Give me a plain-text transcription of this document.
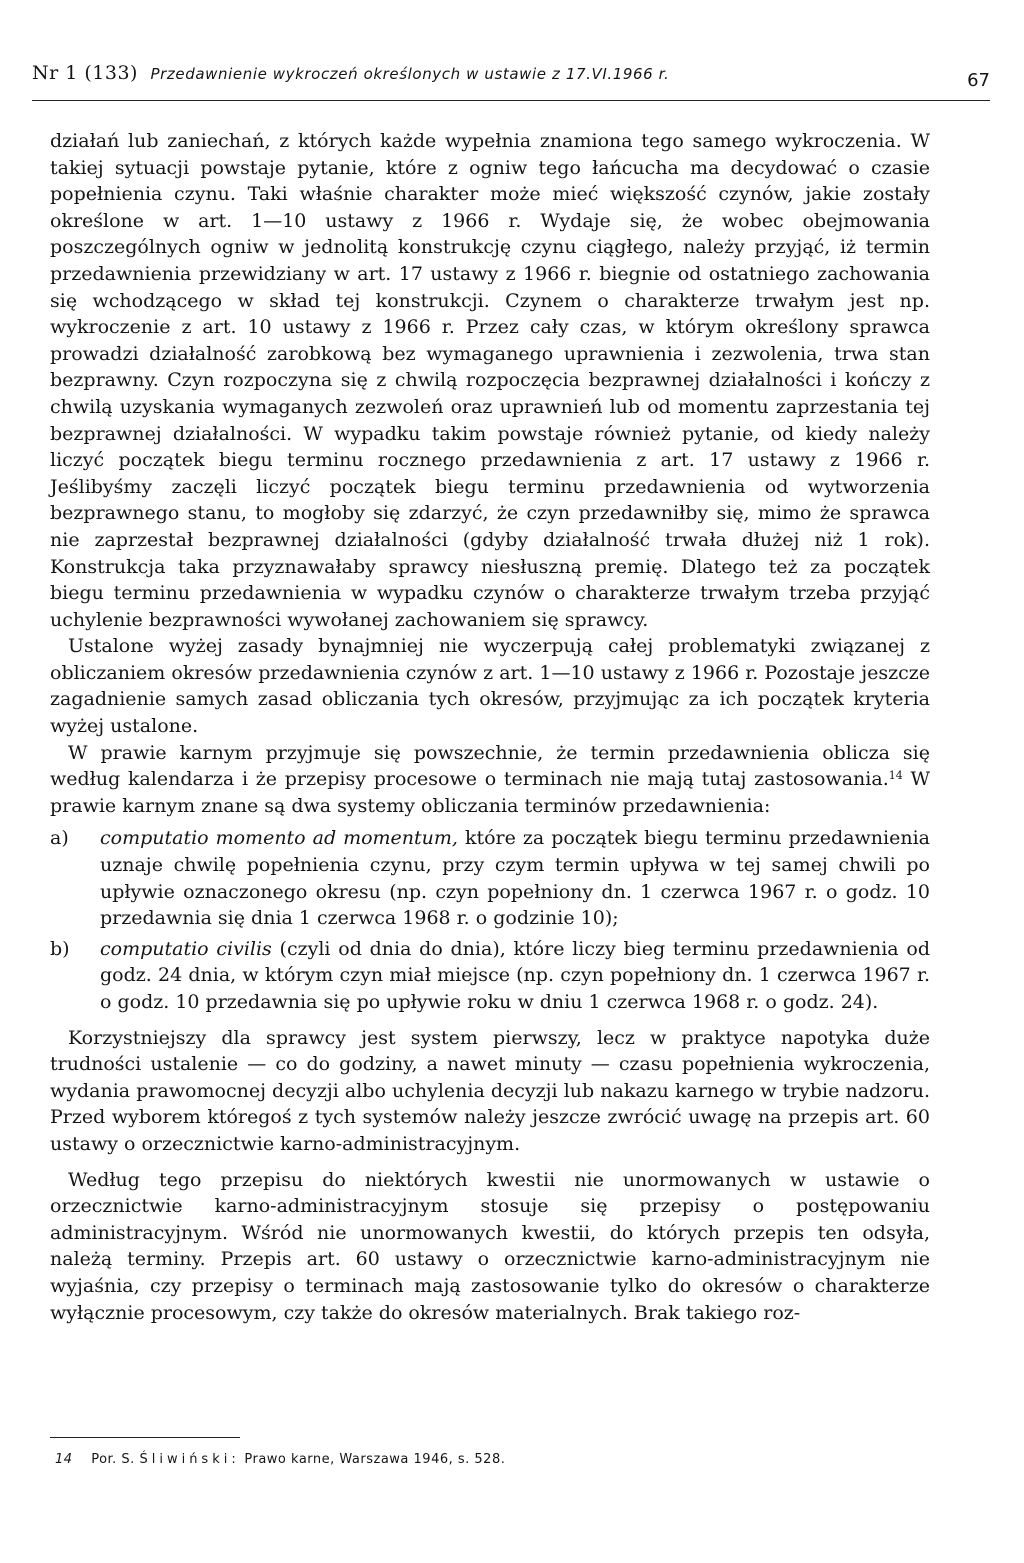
Nr 1 (133) Przedawnienie wykroczeń określonych w ustawie z 17.VI.1966 r.	67

działań lub zaniechań, z których każde wypełnia znamiona tego samego wykroczenia. W takiej sytuacji powstaje pytanie, które z ogniw tego łańcucha ma decydować o czasie popełnienia czynu. Taki właśnie charakter może mieć większość czynów, jakie zostały określone w art. 1—10 ustawy z 1966 r. Wydaje się, że wobec obejmowania poszczególnych ogniw w jednolitą konstrukcję czynu ciągłego, należy przyjąć, iż termin przedawnienia przewidziany w art. 17 ustawy z 1966 r. biegnie od ostatniego zachowania się wchodzącego w skład tej konstrukcji. Czynem o charakterze trwałym jest np. wykroczenie z art. 10 ustawy z 1966 r. Przez cały czas, w którym określony sprawca prowadzi działalność zarobkową bez wymaganego uprawnienia i zezwolenia, trwa stan bezprawny. Czyn rozpoczyna się z chwilą rozpoczęcia bezprawnej działalności i kończy z chwilą uzyskania wymaganych zezwoleń oraz uprawnień lub od momentu zaprzestania tej bezprawnej działalności. W wypadku takim powstaje również pytanie, od kiedy należy liczyć początek biegu terminu rocznego przedawnienia z art. 17 ustawy z 1966 r. Jeślibyśmy zaczęli liczyć początek biegu terminu przedawnienia od wytworzenia bezprawnego stanu, to mogłoby się zdarzyć, że czyn przedawniłby się, mimo że sprawca nie zaprzestał bezprawnej działalności (gdyby działalność trwała dłużej niż 1 rok). Konstrukcja taka przyznawałaby sprawcy niesłuszną premię. Dlatego też za początek biegu terminu przedawnienia w wypadku czynów o charakterze trwałym trzeba przyjąć uchylenie bezprawności wywołanej zachowaniem się sprawcy.

Ustalone wyżej zasady bynajmniej nie wyczerpują całej problematyki związanej z obliczaniem okresów przedawnienia czynów z art. 1—10 ustawy z 1966 r. Pozostaje jeszcze zagadnienie samych zasad obliczania tych okresów, przyjmując za ich początek kryteria wyżej ustalone.

W prawie karnym przyjmuje się powszechnie, że termin przedawnienia oblicza się według kalendarza i że przepisy procesowe o terminach nie mają tutaj zastosowania.$^{14}$ W prawie karnym znane są dwa systemy obliczania terminów przedawnienia:

a) computatio momento ad momentum, które za początek biegu terminu przedawnienia uznaje chwilę popełnienia czynu, przy czym termin upływa w tej samej chwili po upływie oznaczonego okresu (np. czyn popełniony dn. 1 czerwca 1967 r. o godz. 10 przedawnia się dnia 1 czerwca 1968 r. o godzinie 10);
b) computatio civilis (czyli od dnia do dnia), które liczy bieg terminu przedawnienia od godz. 24 dnia, w którym czyn miał miejsce (np. czyn popełniony dn. 1 czerwca 1967 r. o godz. 10 przedawnia się po upływie roku w dniu 1 czerwca 1968 r. o godz. 24).

Korzystniejszy dla sprawcy jest system pierwszy, lecz w praktyce napotyka duże trudności ustalenie — co do godziny, a nawet minuty — czasu popełnienia wykroczenia, wydania prawomocnej decyzji albo uchylenia decyzji lub nakazu karnego w trybie nadzoru. Przed wyborem któregoś z tych systemów należy jeszcze zwrócić uwagę na przepis art. 60 ustawy o orzecznictwie karno-administracyjnym.

Według tego przepisu do niektórych kwestii nie unormowanych w ustawie o orzecznictwie karno-administracyjnym stosuje się przepisy o postępowaniu administracyjnym. Wśród nie unormowanych kwestii, do których przepis ten odsyła, należą terminy. Przepis art. 60 ustawy o orzecznictwie karno-administracyjnym nie wyjaśnia, czy przepisy o terminach mają zastosowanie tylko do okresów o charakterze wyłącznie procesowym, czy także do okresów materialnych. Brak takiego roz-

14 Por. S. Śliwiński: Prawo karne, Warszawa 1946, s. 528.
